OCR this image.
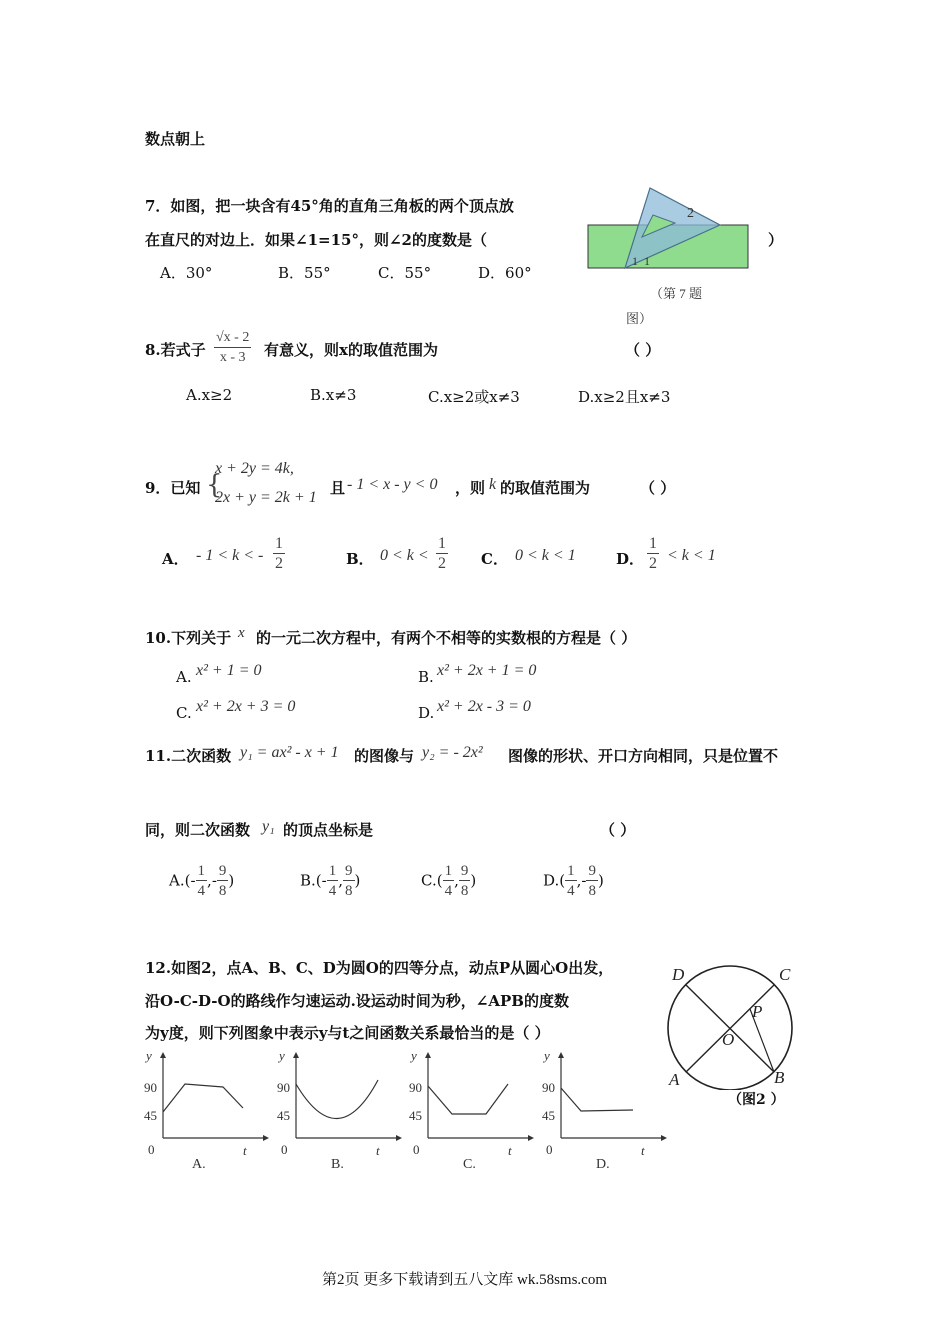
数点朝上
7．如图，把一块含有45°角的直角三角板的两个顶点放
在直尺的对边上．如果∠1=15°，则∠2的度数是（	）
A．30°	B．55°	C．55°	D．60°
2
1 1
（第 7 题
图）
8.若式子 $\frac{√x - 2}{x - 3}$ 有意义，则x的取值范围为	（ ）
A.x≥2	B.x≠3	C.x≥2或x≠3	D.x≥2且x≠3
9．已知 {
x + 2y = 4k,
2x + y = 2k + 1
且 - 1 < x - y < 0 ，则 k 的取值范围为	（ ）
A． - 1 < k < - $\frac{1}{2}$	B． $0 < k < \frac{1}{2}$ C． 0 < k < 1	D． $\frac{1}{2} < k < 1$
10.下列关于 x 的一元二次方程中，有两个不相等的实数根的方程是（ ）
A. x² + 1 = 0	B. x² + 2x + 1 = 0
C. x² + 2x + 3 = 0	D. x² + 2x - 3 = 0
11.二次函数 y₁ = ax² - x + 1 的图像与 y₂ = - 2x² 图像的形状、开口方向相同，只是位置不
同，则二次函数 y₁ 的顶点坐标是	（ ）
$A.(- \frac{1}{4}$ ,- $\frac{9}{8}$ )	$B.(- \frac{1}{4}$ , $\frac{9}{8}$ )	$C.( \frac{1}{4}$ , $\frac{9}{8}$ )	$D.( \frac{1}{4}$ ,- $\frac{9}{8}$ )
12.如图2，点A、B、C、D为圆O的四等分点，动点P从圆心O出发，
沿O-C-D-O的路线作匀速运动.设运动时间为秒，∠APB的度数
为y度，则下列图象中表示y与t之间函数关系最恰当的是（ ）
D	C
P
O
A	B
（图2 ）
y
90
45
0	t
A.
y
90
45
0	t
B.
y
90
45
0	t
C.
y
90
45
0	t
D.
第2页 更多下载请到五八文库 wk.58sms.com
